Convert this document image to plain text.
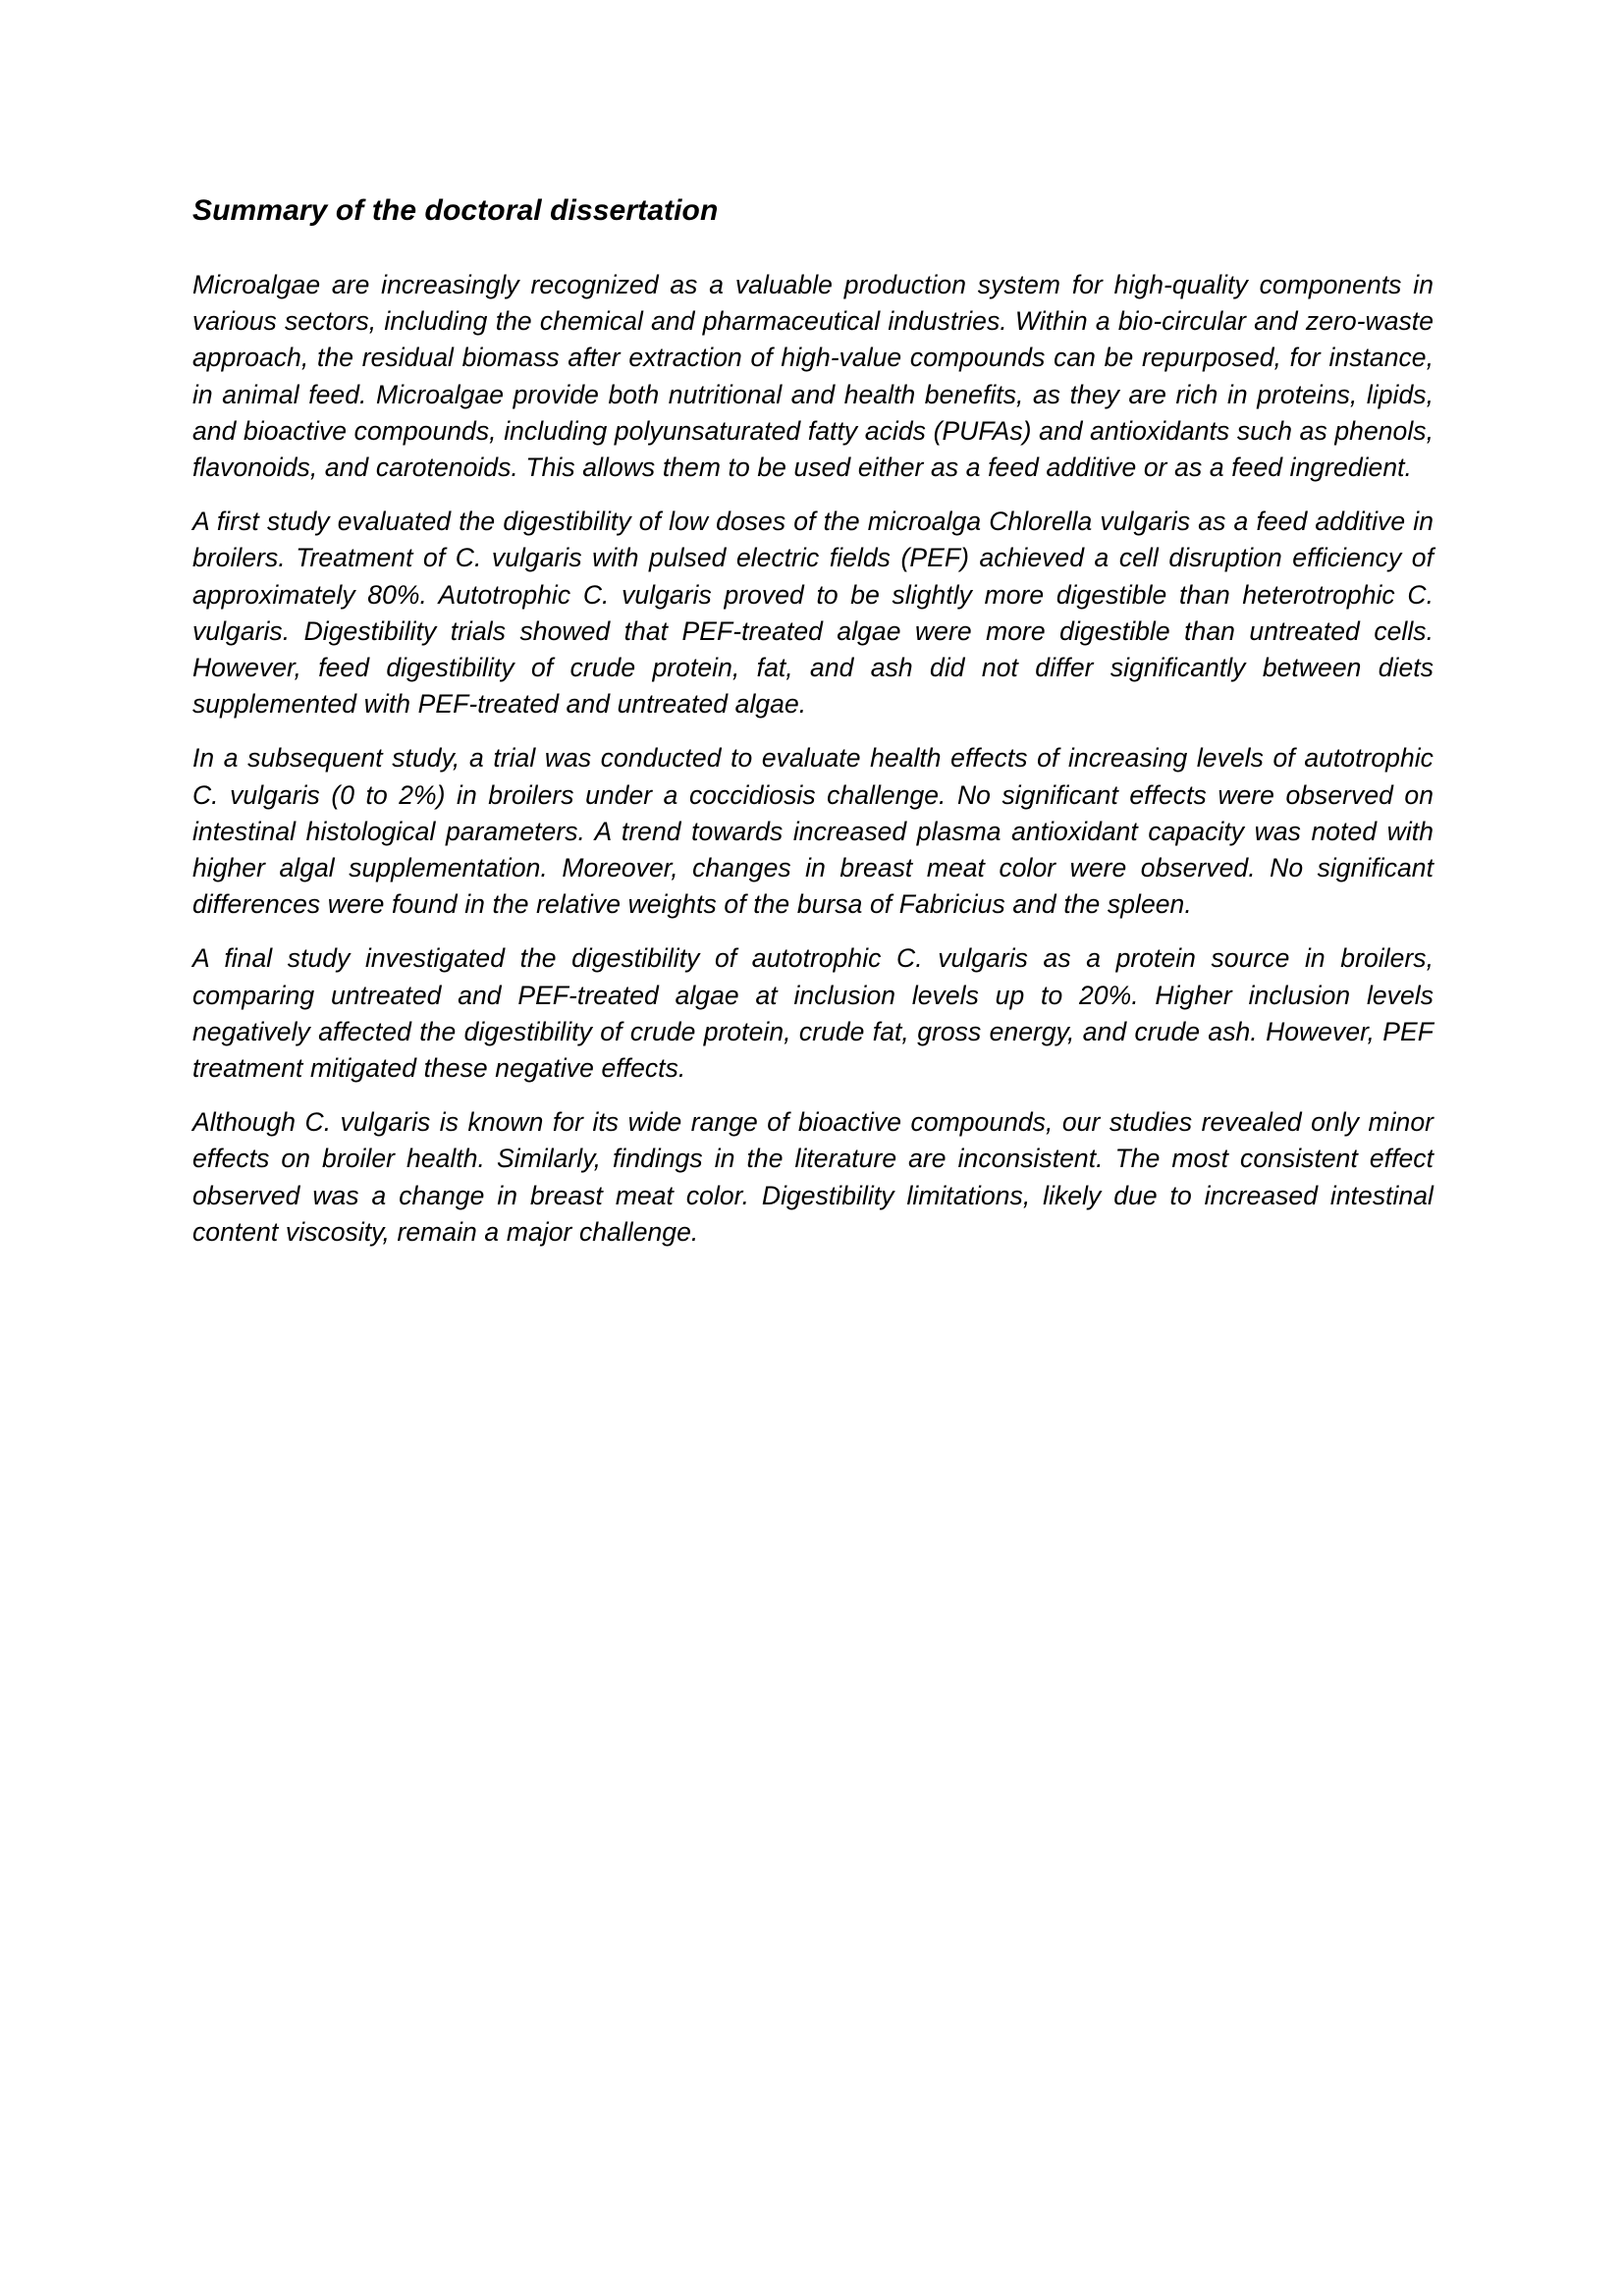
Summary of the doctoral dissertation

Microalgae are increasingly recognized as a valuable production system for high-quality components in various sectors, including the chemical and pharmaceutical industries. Within a bio-circular and zero-waste approach, the residual biomass after extraction of high-value compounds can be repurposed, for instance, in animal feed. Microalgae provide both nutritional and health benefits, as they are rich in proteins, lipids, and bioactive compounds, including polyunsaturated fatty acids (PUFAs) and antioxidants such as phenols, flavonoids, and carotenoids. This allows them to be used either as a feed additive or as a feed ingredient.

A first study evaluated the digestibility of low doses of the microalga Chlorella vulgaris as a feed additive in broilers. Treatment of C. vulgaris with pulsed electric fields (PEF) achieved a cell disruption efficiency of approximately 80%. Autotrophic C. vulgaris proved to be slightly more digestible than heterotrophic C. vulgaris. Digestibility trials showed that PEF-treated algae were more digestible than untreated cells. However, feed digestibility of crude protein, fat, and ash did not differ significantly between diets supplemented with PEF-treated and untreated algae.

In a subsequent study, a trial was conducted to evaluate health effects of increasing levels of autotrophic C. vulgaris (0 to 2%) in broilers under a coccidiosis challenge. No significant effects were observed on intestinal histological parameters. A trend towards increased plasma antioxidant capacity was noted with higher algal supplementation. Moreover, changes in breast meat color were observed. No significant differences were found in the relative weights of the bursa of Fabricius and the spleen.

A final study investigated the digestibility of autotrophic C. vulgaris as a protein source in broilers, comparing untreated and PEF-treated algae at inclusion levels up to 20%. Higher inclusion levels negatively affected the digestibility of crude protein, crude fat, gross energy, and crude ash. However, PEF treatment mitigated these negative effects.

Although C. vulgaris is known for its wide range of bioactive compounds, our studies revealed only minor effects on broiler health. Similarly, findings in the literature are inconsistent. The most consistent effect observed was a change in breast meat color. Digestibility limitations, likely due to increased intestinal content viscosity, remain a major challenge.
